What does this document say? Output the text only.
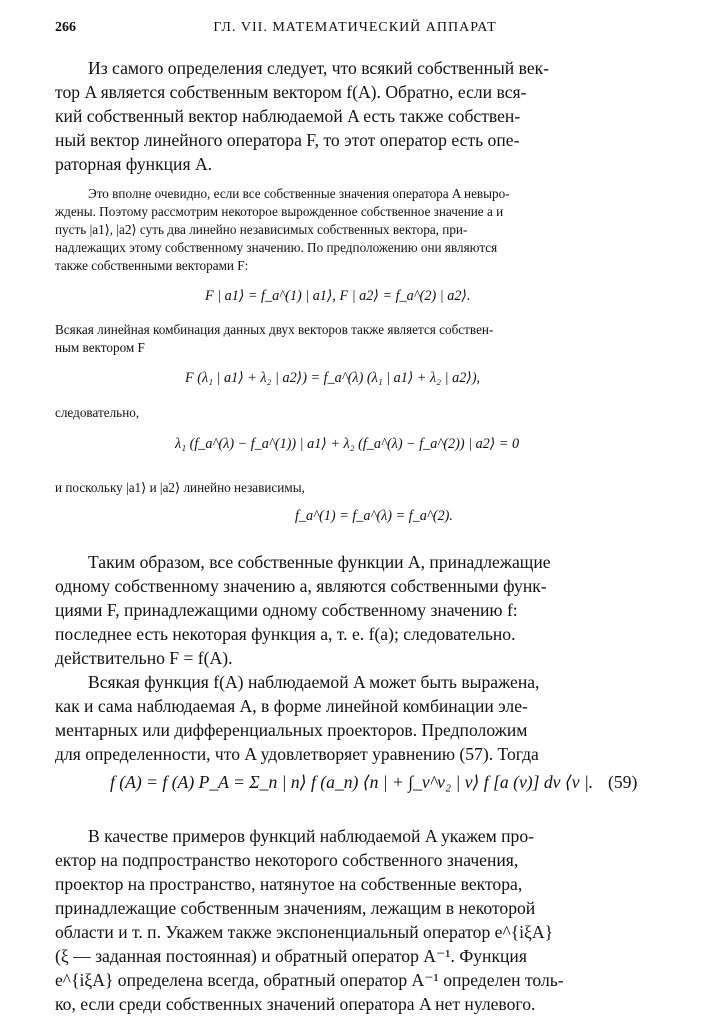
266	ГЛ. VII. МАТЕМАТИЧЕСКИЙ АППАРАТ
Из самого определения следует, что всякий собственный век-
тор A является собственным вектором f(A). Обратно, если вся-
кий собственный вектор наблюдаемой A есть также собствен-
ный вектор линейного оператора F, то этот оператор есть опе-
раторная функция A.
Это вполне очевидно, если все собственные значения оператора A невыро-
ждены. Поэтому рассмотрим некоторое вырожденное собственное значение a и
пусть |a1⟩, |a2⟩ суть два линейно независимых собственных вектора, при-
надлежащих этому собственному значению. По предположению они являются
также собственными векторами F:
F | a1⟩ = f_a^(1) | a1⟩, F | a2⟩ = f_a^(2) | a2⟩.
Всякая линейная комбинация данных двух векторов также является собствен-
ным вектором F
F (λ₁ | a1⟩ + λ₂ | a2⟩) = f_a^(λ) (λ₁ | a1⟩ + λ₂ | a2⟩),
следовательно,
λ₁ (f_a^(λ) − f_a^(1)) | a1⟩ + λ₂ (f_a^(λ) − f_a^(2)) | a2⟩ = 0
и поскольку |a1⟩ и |a2⟩ линейно независимы,
f_a^(1) = f_a^(λ) = f_a^(2).
Таким образом, все собственные функции A, принадлежащие
одному собственному значению a, являются собственными функ-
циями F, принадлежащими одному собственному значению f:
последнее есть некоторая функция a, т. е. f(a); следовательно.
действительно F = f(A).
Всякая функция f(A) наблюдаемой A может быть выражена,
как и сама наблюдаемая A, в форме линейной комбинации эле-
ментарных или дифференциальных проекторов. Предположим
для определенности, что A удовлетворяет уравнению (57). Тогда
f (A) = f (A) P_A = Σ_n | n⟩ f (a_n) ⟨n | + ∫_ν^ν₂ | ν⟩ f [a (ν)] dν ⟨ν |. (59)
В качестве примеров функций наблюдаемой A укажем про-
ектор на подпространство некоторого собственного значения,
проектор на пространство, натянутое на собственные вектора,
принадлежащие собственным значениям, лежащим в некоторой
области и т. п. Укажем также экспоненциальный оператор e^{iξA}
(ξ — заданная постоянная) и обратный оператор A⁻¹. Функция
e^{iξA} определена всегда, обратный оператор A⁻¹ определен толь-
ко, если среди собственных значений оператора A нет нулевого.
